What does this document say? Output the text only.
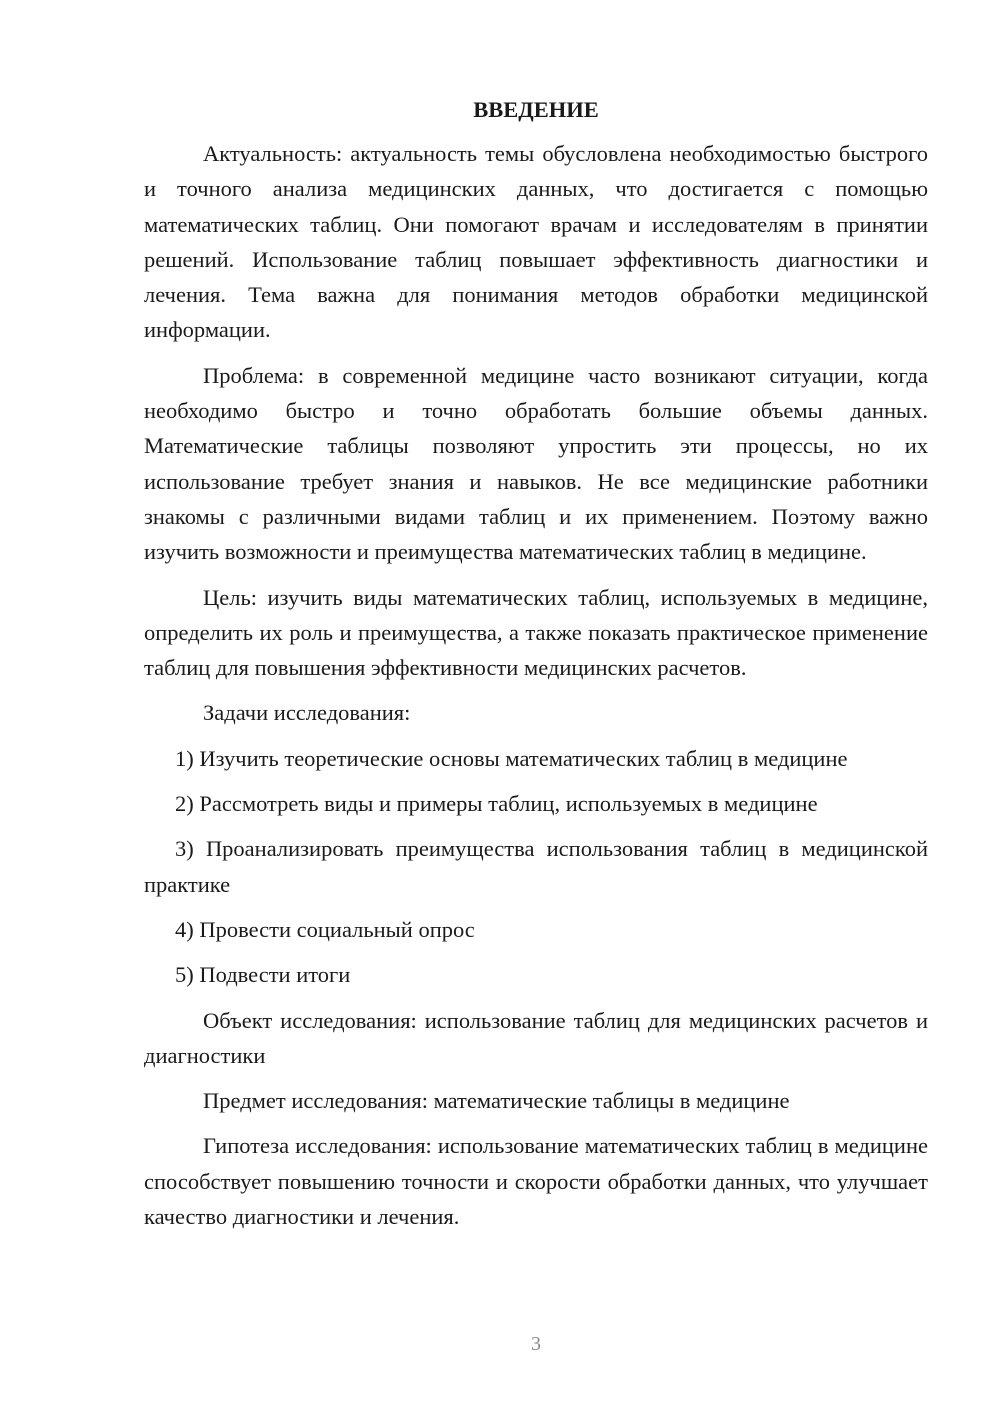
ВВЕДЕНИЕ

Актуальность: актуальность темы обусловлена необходимостью быстрого и точного анализа медицинских данных, что достигается с помощью математических таблиц. Они помогают врачам и исследователям в принятии решений. Использование таблиц повышает эффективность диагностики и лечения. Тема важна для понимания методов обработки медицинской информации.

Проблема: в современной медицине часто возникают ситуации, когда необходимо быстро и точно обработать большие объемы данных. Математические таблицы позволяют упростить эти процессы, но их использование требует знания и навыков. Не все медицинские работники знакомы с различными видами таблиц и их применением. Поэтому важно изучить возможности и преимущества математических таблиц в медицине.

Цель: изучить виды математических таблиц, используемых в медицине, определить их роль и преимущества, а также показать практическое применение таблиц для повышения эффективности медицинских расчетов.

Задачи исследования:

1) Изучить теоретические основы математических таблиц в медицине

2) Рассмотреть виды и примеры таблиц, используемых в медицине

3) Проанализировать преимущества использования таблиц в медицинской практике

4) Провести социальный опрос

5) Подвести итоги

Объект исследования: использование таблиц для медицинских расчетов и диагностики

Предмет исследования: математические таблицы в медицине

Гипотеза исследования: использование математических таблиц в медицине способствует повышению точности и скорости обработки данных, что улучшает качество диагностики и лечения.

3
